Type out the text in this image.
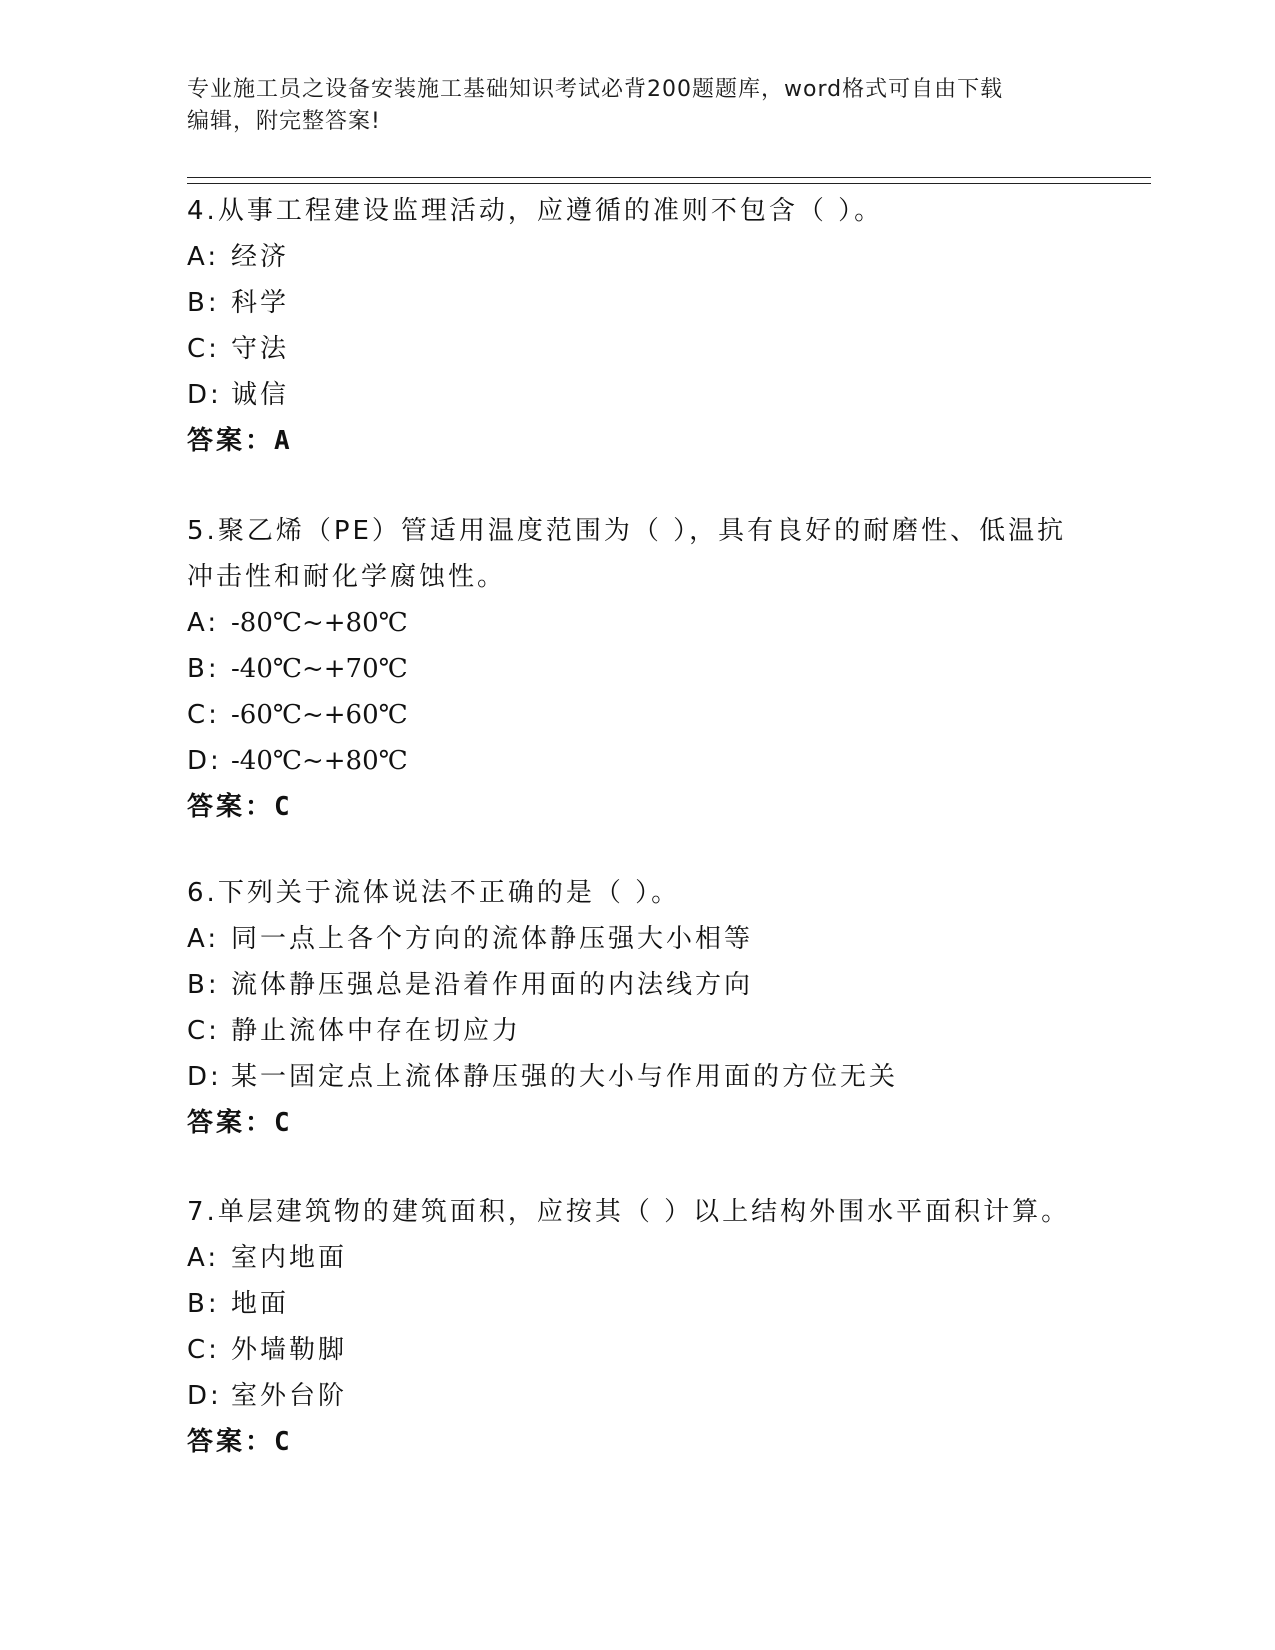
专业施工员之设备安装施工基础知识考试必背200题题库，word格式可自由下载
编辑，附完整答案!

4.从事工程建设监理活动，应遵循的准则不包含（ ）。

A: 经济

B: 科学

C: 守法

D: 诚信

答案：A

5.聚乙烯（PE）管适用温度范围为（ ），具有良好的耐磨性、低温抗冲击性和耐化学腐蚀性。

A: -80℃~+80℃

B: -40℃~+70℃

C: -60℃~+60℃

D: -40℃~+80℃

答案：C

6.下列关于流体说法不正确的是（ ）。

A: 同一点上各个方向的流体静压强大小相等

B: 流体静压强总是沿着作用面的内法线方向

C: 静止流体中存在切应力

D: 某一固定点上流体静压强的大小与作用面的方位无关

答案：C

7.单层建筑物的建筑面积，应按其（ ）以上结构外围水平面积计算。

A: 室内地面

B: 地面

C: 外墙勒脚

D: 室外台阶

答案：C
